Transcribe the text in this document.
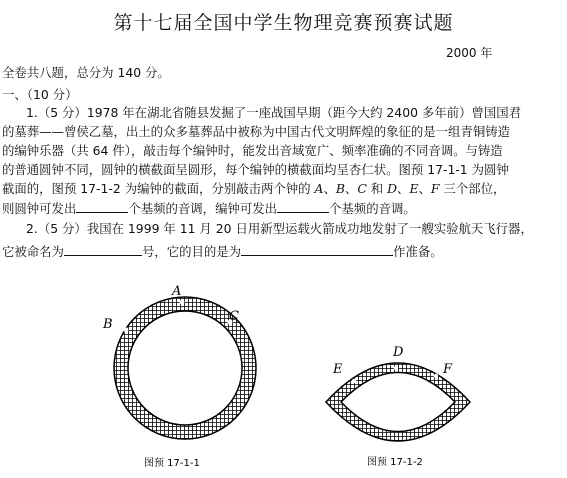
第十七届全国中学生物理竞赛预赛试题
2000 年
全卷共八题，总分为 140 分。
一、（10 分）
1.（5 分）1978 年在湖北省随县发掘了一座战国早期（距今大约 2400 多年前）曾国国君
的墓葬——曾侯乙墓，出土的众多墓葬品中被称为中国古代文明辉煌的象征的是一组青铜铸造
的编钟乐器（共 64 件），敲击每个编钟时，能发出音域宽广、频率准确的不同音调。与铸造
的普通圆钟不同，圆钟的横截面呈圆形，每个编钟的横截面均呈杏仁状。图预 17-1-1 为圆钟
截面的，图预 17-1-2 为编钟的截面，分别敲击两个钟的 A、B、C 和 D、E、F 三个部位，
则圆钟可发出	个基频的音调，编钟可发出	个基频的音调。
2.（5 分）我国在 1999 年 11 月 20 日用新型运载火箭成功地发射了一艘实验航天飞行器，
它被命名为	号，它的目的是为	作准备。
A
B
C
图预 17-1-1
D
E	F
图预 17-1-2
